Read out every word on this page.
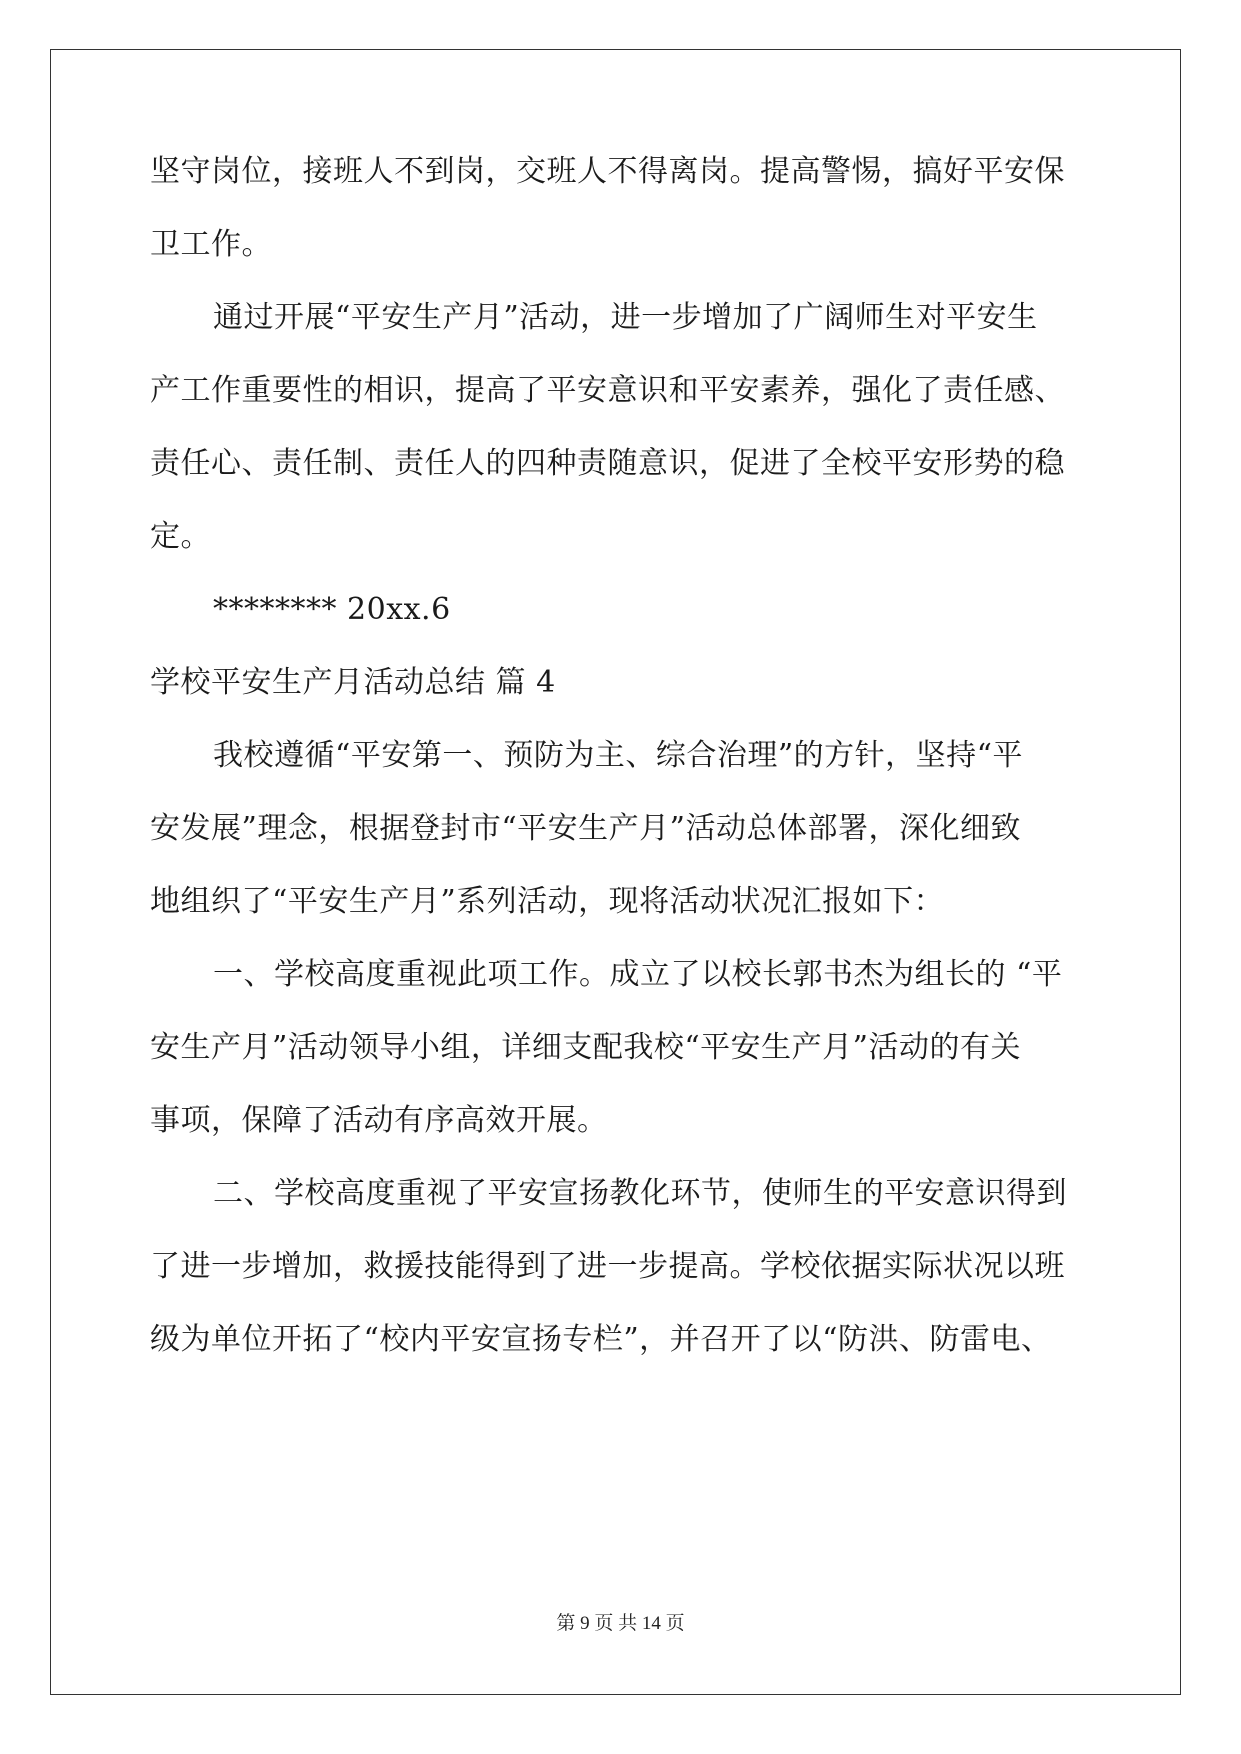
坚守岗位，接班人不到岗，交班人不得离岗。提高警惕，搞好平安保
卫工作。
通过开展“平安生产月”活动，进一步增加了广阔师生对平安生
产工作重要性的相识，提高了平安意识和平安素养，强化了责任感、
责任心、责任制、责任人的四种责随意识，促进了全校平安形势的稳
定。
******** 20xx.6
学校平安生产月活动总结 篇 4
我校遵循“平安第一、预防为主、综合治理”的方针，坚持“平
安发展”理念，根据登封市“平安生产月”活动总体部署，深化细致
地组织了“平安生产月”系列活动，现将活动状况汇报如下：
一、学校高度重视此项工作。成立了以校长郭书杰为组长的 “平
安生产月”活动领导小组，详细支配我校“平安生产月”活动的有关
事项，保障了活动有序高效开展。
二、学校高度重视了平安宣扬教化环节，使师生的平安意识得到
了进一步增加，救援技能得到了进一步提高。学校依据实际状况以班
级为单位开拓了“校内平安宣扬专栏”，并召开了以“防洪、防雷电、
第 9 页 共 14 页
